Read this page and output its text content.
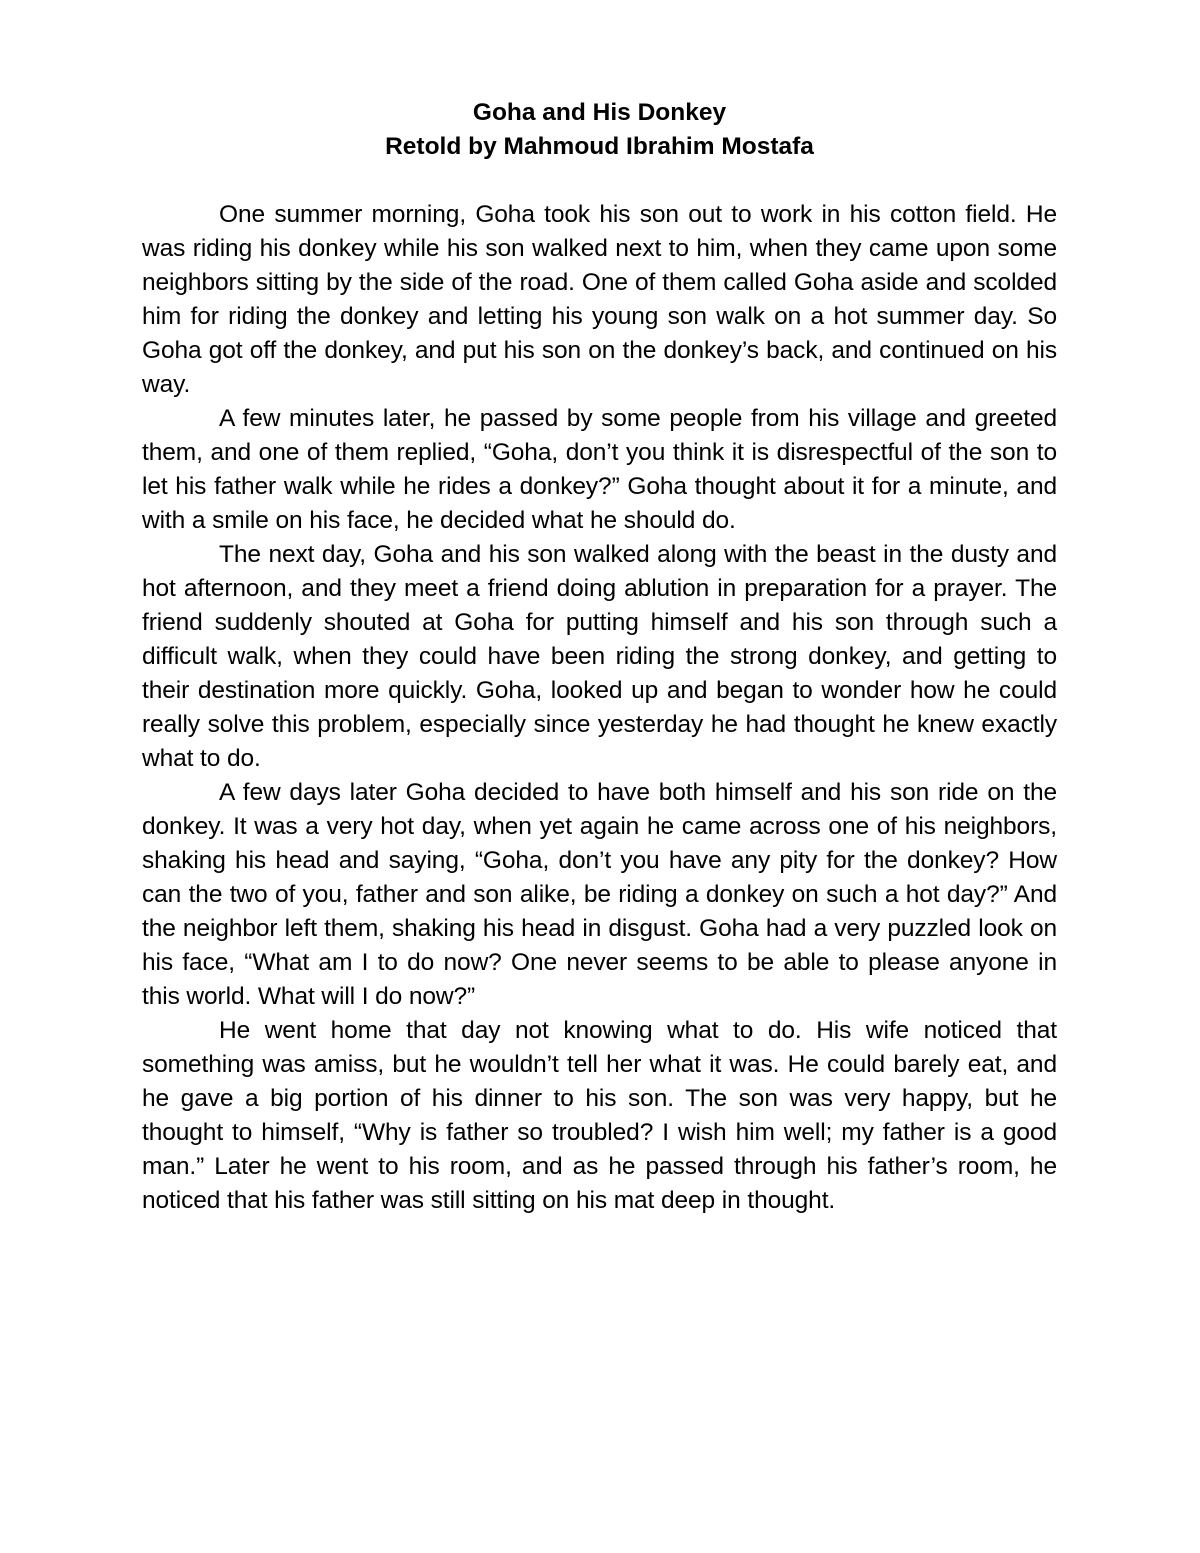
Goha and His Donkey
Retold by Mahmoud Ibrahim Mostafa

One summer morning, Goha took his son out to work in his cotton field. He was riding his donkey while his son walked next to him, when they came upon some neighbors sitting by the side of the road. One of them called Goha aside and scolded him for riding the donkey and letting his young son walk on a hot summer day. So Goha got off the donkey, and put his son on the donkey’s back, and continued on his way.

A few minutes later, he passed by some people from his village and greeted them, and one of them replied, “Goha, don’t you think it is disrespectful of the son to let his father walk while he rides a donkey?” Goha thought about it for a minute, and with a smile on his face, he decided what he should do.

The next day, Goha and his son walked along with the beast in the dusty and hot afternoon, and they meet a friend doing ablution in preparation for a prayer. The friend suddenly shouted at Goha for putting himself and his son through such a difficult walk, when they could have been riding the strong donkey, and getting to their destination more quickly. Goha, looked up and began to wonder how he could really solve this problem, especially since yesterday he had thought he knew exactly what to do.

A few days later Goha decided to have both himself and his son ride on the donkey. It was a very hot day, when yet again he came across one of his neighbors, shaking his head and saying, “Goha, don’t you have any pity for the donkey? How can the two of you, father and son alike, be riding a donkey on such a hot day?” And the neighbor left them, shaking his head in disgust. Goha had a very puzzled look on his face, “What am I to do now? One never seems to be able to please anyone in this world. What will I do now?”

He went home that day not knowing what to do. His wife noticed that something was amiss, but he wouldn’t tell her what it was. He could barely eat, and he gave a big portion of his dinner to his son. The son was very happy, but he thought to himself, “Why is father so troubled? I wish him well; my father is a good man.” Later he went to his room, and as he passed through his father’s room, he noticed that his father was still sitting on his mat deep in thought.
